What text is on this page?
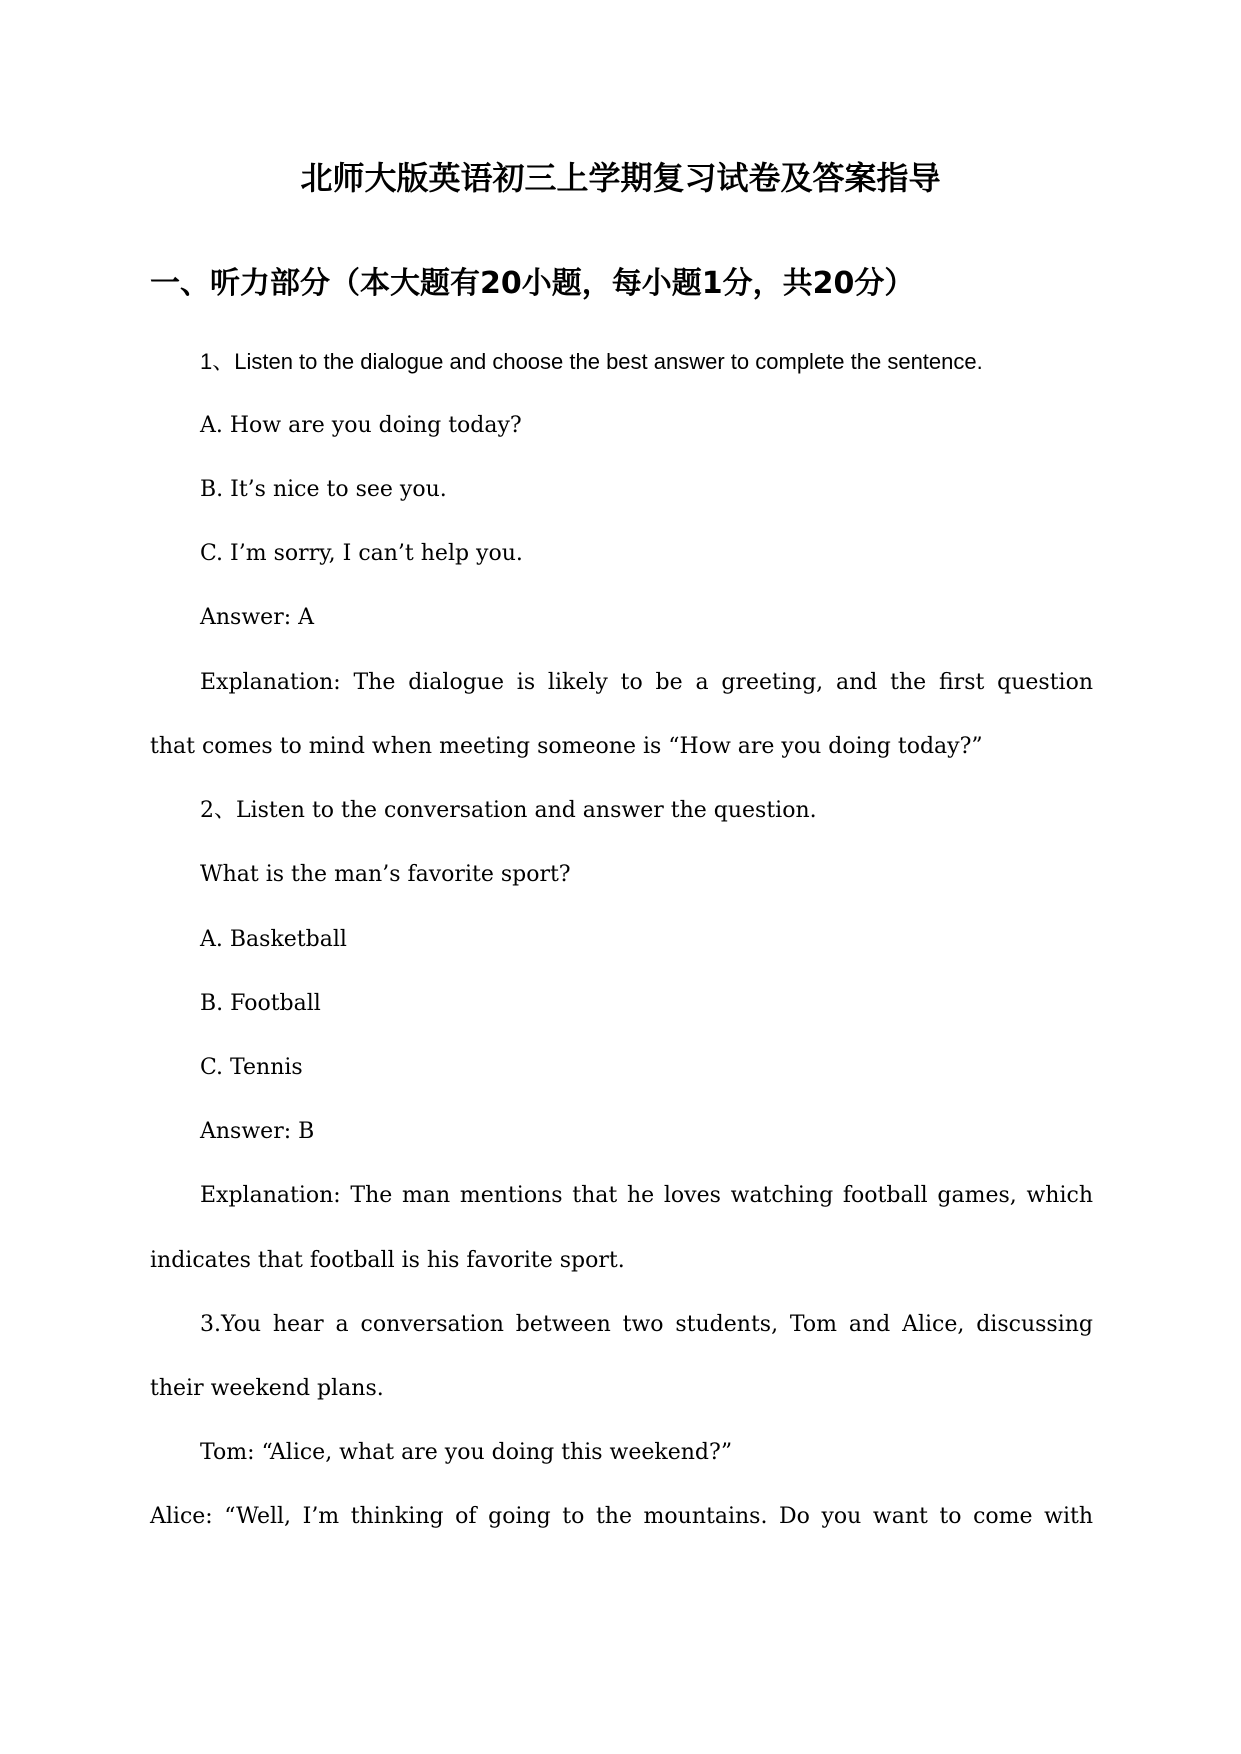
北师大版英语初三上学期复习试卷及答案指导
一、听力部分（本大题有20小题，每小题1分，共20分）

1、Listen to the dialogue and choose the best answer to complete the sentence.

A. How are you doing today?

B. It’s nice to see you.

C. I’m sorry, I can’t help you.

Answer: A

Explanation: The dialogue is likely to be a greeting, and the first question

that comes to mind when meeting someone is “How are you doing today?”

2、Listen to the conversation and answer the question.

What is the man’s favorite sport?

A. Basketball

B. Football

C. Tennis

Answer: B

Explanation: The man mentions that he loves watching football games, which

indicates that football is his favorite sport.

3.You hear a conversation between two students, Tom and Alice, discussing

their weekend plans.

Tom: “Alice, what are you doing this weekend?”

Alice: “Well, I’m thinking of going to the mountains. Do you want to come with
